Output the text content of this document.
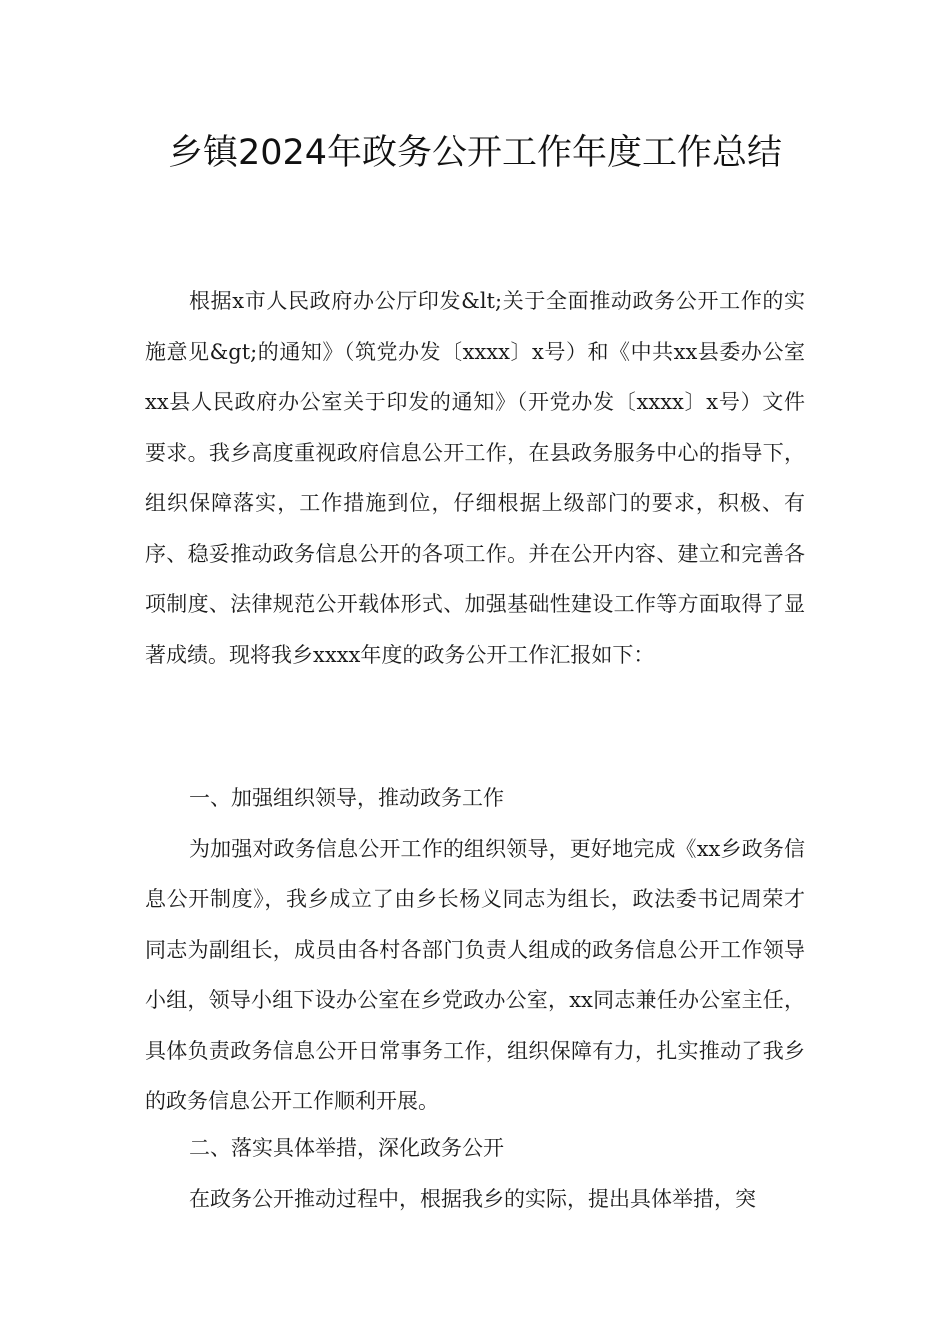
乡镇2024年政务公开工作年度工作总结

根据x市人民政府办公厅印发&lt;关于全面推动政务公开工作的实施意见&gt;的通知》（筑党办发〔xxxx〕x号）和《中共xx县委办公室xx县人民政府办公室关于印发的通知》（开党办发〔xxxx〕x号）文件要求。我乡高度重视政府信息公开工作，在县政务服务中心的指导下，组织保障落实，工作措施到位，仔细根据上级部门的要求，积极、有序、稳妥推动政务信息公开的各项工作。并在公开内容、建立和完善各项制度、法律规范公开载体形式、加强基础性建设工作等方面取得了显著成绩。现将我乡xxxx年度的政务公开工作汇报如下：

一、加强组织领导，推动政务工作

为加强对政务信息公开工作的组织领导，更好地完成《xx乡政务信息公开制度》，我乡成立了由乡长杨义同志为组长，政法委书记周荣才同志为副组长，成员由各村各部门负责人组成的政务信息公开工作领导小组，领导小组下设办公室在乡党政办公室，xx同志兼任办公室主任，具体负责政务信息公开日常事务工作，组织保障有力，扎实推动了我乡的政务信息公开工作顺利开展。

二、落实具体举措，深化政务公开

在政务公开推动过程中，根据我乡的实际，提出具体举措，突
